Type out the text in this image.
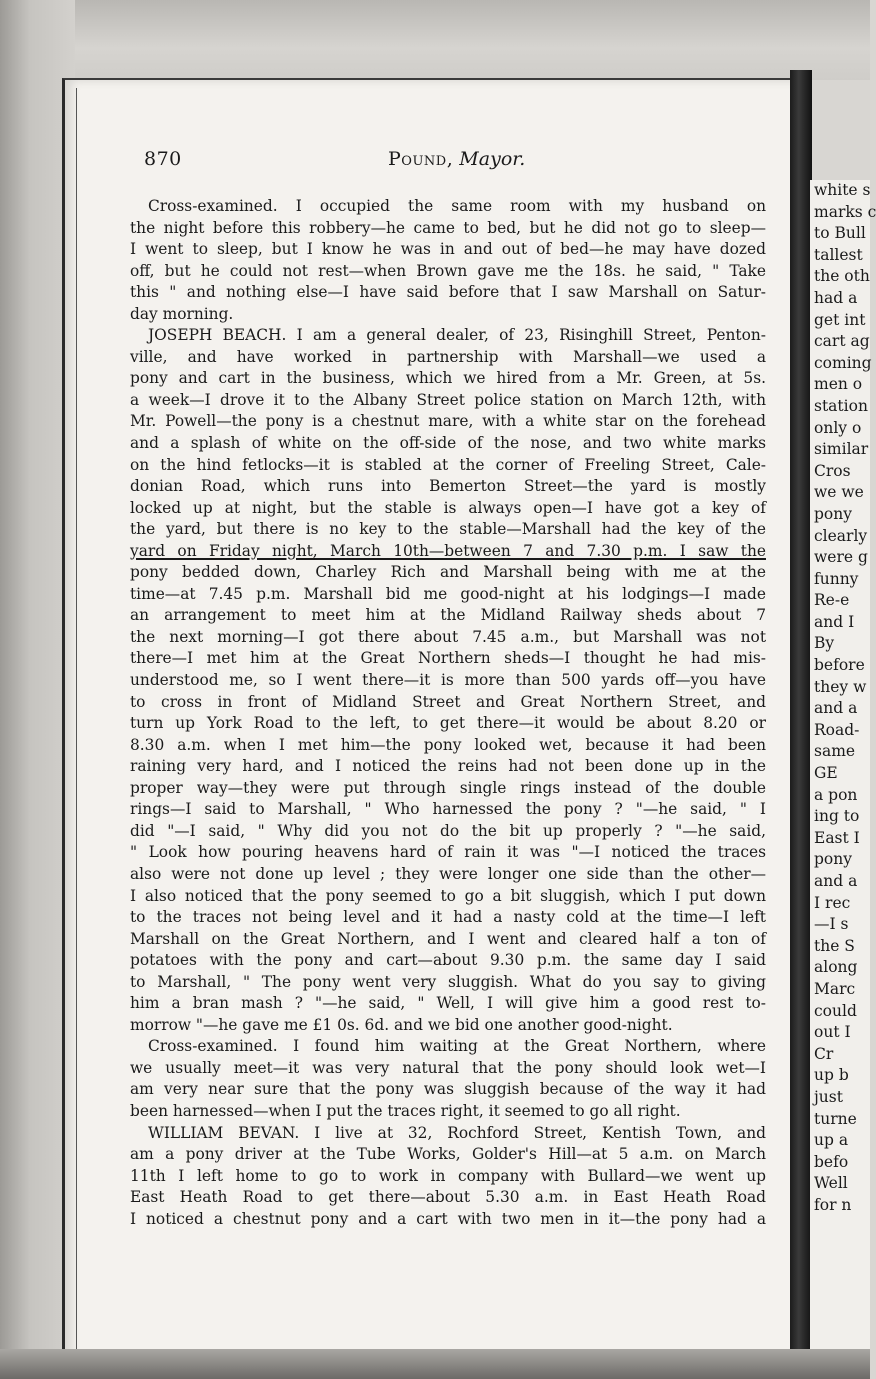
870	Pound, Mayor.
Cross-examined. I occupied the same room with my husband on
the night before this robbery—he came to bed, but he did not go to sleep—
I went to sleep, but I know he was in and out of bed—he may have dozed
off, but he could not rest—when Brown gave me the 18s. he said, " Take
this " and nothing else—I have said before that I saw Marshall on Satur-
day morning.
JOSEPH BEACH. I am a general dealer, of 23, Risinghill Street, Penton-
ville, and have worked in partnership with Marshall—we used a
pony and cart in the business, which we hired from a Mr. Green, at 5s.
a week—I drove it to the Albany Street police station on March 12th, with
Mr. Powell—the pony is a chestnut mare, with a white star on the forehead
and a splash of white on the off-side of the nose, and two white marks
on the hind fetlocks—it is stabled at the corner of Freeling Street, Cale-
donian Road, which runs into Bemerton Street—the yard is mostly
locked up at night, but the stable is always open—I have got a key of
the yard, but there is no key to the stable—Marshall had the key of the
yard on Friday night, March 10th—between 7 and 7.30 p.m. I saw the
pony bedded down, Charley Rich and Marshall being with me at the
time—at 7.45 p.m. Marshall bid me good-night at his lodgings—I made
an arrangement to meet him at the Midland Railway sheds about 7
the next morning—I got there about 7.45 a.m., but Marshall was not
there—I met him at the Great Northern sheds—I thought he had mis-
understood me, so I went there—it is more than 500 yards off—you have
to cross in front of Midland Street and Great Northern Street, and
turn up York Road to the left, to get there—it would be about 8.20 or
8.30 a.m. when I met him—the pony looked wet, because it had been
raining very hard, and I noticed the reins had not been done up in the
proper way—they were put through single rings instead of the double
rings—I said to Marshall, " Who harnessed the pony ? "—he said, " I
did "—I said, " Why did you not do the bit up properly ? "—he said,
" Look how pouring heavens hard of rain it was "—I noticed the traces
also were not done up level ; they were longer one side than the other—
I also noticed that the pony seemed to go a bit sluggish, which I put down
to the traces not being level and it had a nasty cold at the time—I left
Marshall on the Great Northern, and I went and cleared half a ton of
potatoes with the pony and cart—about 9.30 p.m. the same day I said
to Marshall, " The pony went very sluggish. What do you say to giving
him a bran mash ? "—he said, " Well, I will give him a good rest to-
morrow "—he gave me £1 0s. 6d. and we bid one another good-night.
Cross-examined. I found him waiting at the Great Northern, where
we usually meet—it was very natural that the pony should look wet—I
am very near sure that the pony was sluggish because of the way it had
been harnessed—when I put the traces right, it seemed to go all right.
WILLIAM BEVAN. I live at 32, Rochford Street, Kentish Town, and
am a pony driver at the Tube Works, Golder's Hill—at 5 a.m. on March
11th I left home to go to work in company with Bullard—we went up
East Heath Road to get there—about 5.30 a.m. in East Heath Road
I noticed a chestnut pony and a cart with two men in it—the pony had a
white s
marks c
to Bull
tallest
the oth
had a
get int
cart ag
coming
men o
station
only o
similar
Cros
we we
pony
clearly
were g
funny
Re-e
and I
By
before
they w
and a
Road-
same
GE
a pon
ing to
East I
pony
and a
I rec
—I s
the S
along
Marc
could
out I
Cr
up b
just
turne
up a
befo
Well
for n
